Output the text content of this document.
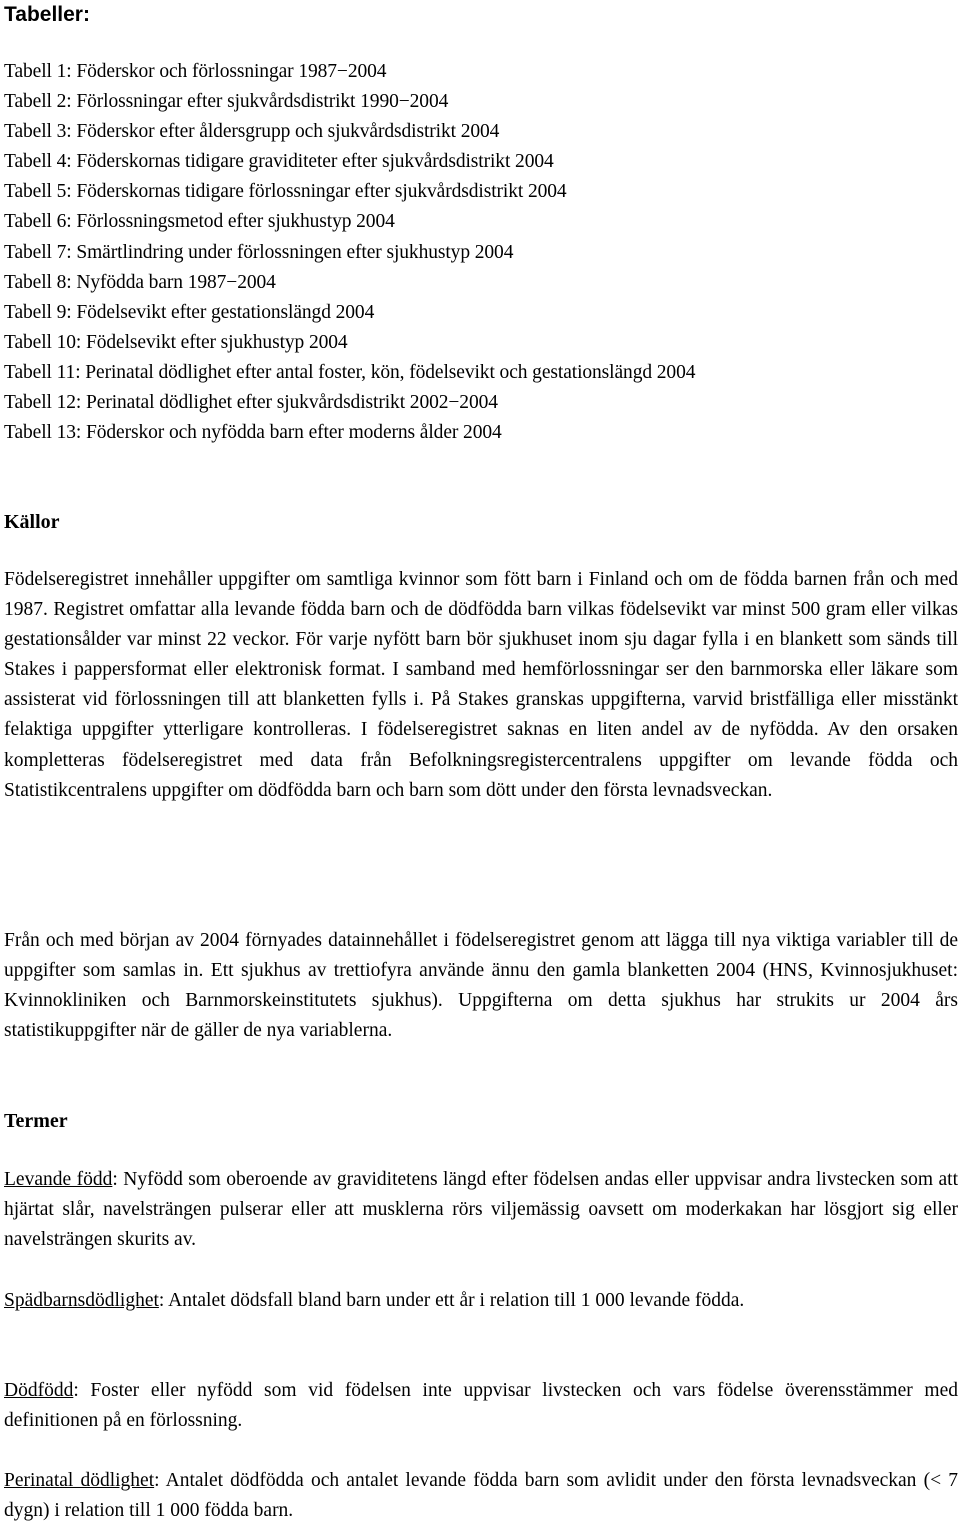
Tabeller:
Tabell 1: Föderskor och förlossningar 1987−2004
Tabell 2: Förlossningar efter sjukvårdsdistrikt 1990−2004
Tabell 3: Föderskor efter åldersgrupp och sjukvårdsdistrikt 2004
Tabell 4: Föderskornas tidigare graviditeter efter sjukvårdsdistrikt 2004
Tabell 5: Föderskornas tidigare förlossningar efter sjukvårdsdistrikt 2004
Tabell 6: Förlossningsmetod efter sjukhustyp 2004
Tabell 7: Smärtlindring under förlossningen efter sjukhustyp 2004
Tabell 8: Nyfödda barn 1987−2004
Tabell 9: Födelsevikt efter gestationslängd 2004
Tabell 10: Födelsevikt efter sjukhustyp 2004
Tabell 11: Perinatal dödlighet efter antal foster, kön, födelsevikt och gestationslängd 2004
Tabell 12: Perinatal dödlighet efter sjukvårdsdistrikt 2002−2004
Tabell 13: Föderskor och nyfödda barn efter moderns ålder 2004
Källor

Födelseregistret innehåller uppgifter om samtliga kvinnor som fött barn i Finland och om de födda barnen från och med 1987. Registret omfattar alla levande födda barn och de dödfödda barn vilkas födelsevikt var minst 500 gram eller vilkas gestationsålder var minst 22 veckor. För varje nyfött barn bör sjukhuset inom sju dagar fylla i en blankett som sänds till Stakes i pappersformat eller elektronisk format. I samband med hemförlossningar ser den barnmorska eller läkare som assisterat vid förlossningen till att blanketten fylls i. På Stakes granskas uppgifterna, varvid bristfälliga eller misstänkt felaktiga uppgifter ytterligare kontrolleras. I födelseregistret saknas en liten andel av de nyfödda. Av den orsaken kompletteras födelseregistret med data från Befolkningsregistercentralens uppgifter om levande födda och Statistikcentralens uppgifter om dödfödda barn och barn som dött under den första levnadsveckan.

Från och med början av 2004 förnyades datainnehållet i födelseregistret genom att lägga till nya viktiga variabler till de uppgifter som samlas in. Ett sjukhus av trettiofyra använde ännu den gamla blanketten 2004 (HNS, Kvinnosjukhuset: Kvinnokliniken och Barnmorskeinstitutets sjukhus). Uppgifterna om detta sjukhus har strukits ur 2004 års statistikuppgifter när de gäller de nya variablerna.

Termer

Levande född: Nyfödd som oberoende av graviditetens längd efter födelsen andas eller uppvisar andra livstecken som att hjärtat slår, navelsträngen pulserar eller att musklerna rörs viljemässig oavsett om moderkakan har lösgjort sig eller navelsträngen skurits av.

Spädbarnsdödlighet: Antalet dödsfall bland barn under ett år i relation till 1 000 levande födda.

Dödfödd: Foster eller nyfödd som vid födelsen inte uppvisar livstecken och vars födelse överensstämmer med definitionen på en förlossning.

Perinatal dödlighet: Antalet dödfödda och antalet levande födda barn som avlidit under den första levnadsveckan (< 7 dygn) i relation till 1 000 födda barn.
